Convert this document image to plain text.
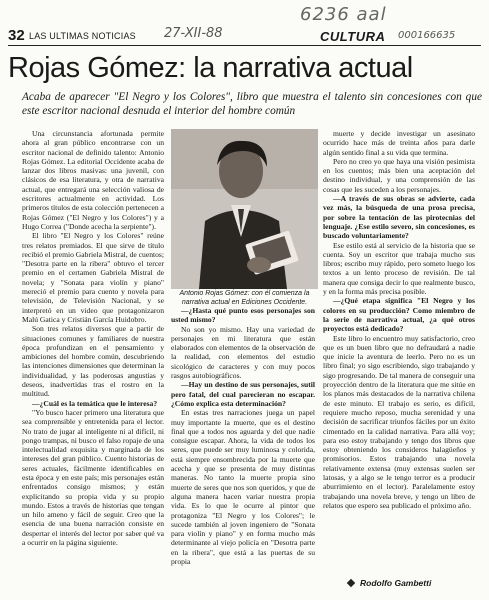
6236 aal
32 LAS ULTIMAS NOTICIAS 27-XII-88	CULTURA 000166635
Rojas Gómez: la narrativa actual
Acaba de aparecer "El Negro y los Colores", libro que muestra el talento sin concesiones con que este escritor nacional desnuda el interior del hombre común

Una circunstancia afortunada permite ahora al gran público encontrarse con un escritor nacional de definido talento: Antonio Rojas Gómez. La editorial Occidente acaba de lanzar dos libros masivas: una juvenil, con clásicos de esa literatura, y otra de narrativa actual, que entregará una selección valiosa de escritores actualmente en actividad. Los primeros títulos de esta colección pertenecen a Rojas Gómez ("El Negro y los Colores") y a Hugo Correa ("Donde acecha la serpiente").

El libro "El Negro y los Colores" reúne tres relatos premiados. El que sirve de título recibió el premio Gabriela Mistral, de cuentos; "Desotra parte en la ribera" obtuvo el tercer premio en el certamen Gabriela Mistral de novela; y "Sonata para violín y piano" mereció el premio para cuento y novela para televisión, de Televisión Nacional, y se interpretó en un video que protagonizaron Malú Gatica y Cristián García Huidobro.

Son tres relatos diversos que a partir de situaciones comunes y familiares de nuestra época profundizan en el pensamiento y ambiciones del hombre común, descubriendo las intenciones dimensiones que determinan la individualidad, y las poderosas angustias y deseos, inadvertidas tras el rostro en la multitud.

—¿Cuál es la temática que le interesa?

"Yo busco hacer primero una literatura que sea comprensible y entretenida para el lector. No trato de jugar al inteligente ni al difícil, ni pongo trampas, ni busco el falso ropaje de una intelectualidad exquisita y marginada de los intereses del gran público. Cuento historias de seres actuales, fácilmente identificables en esta época y en este país; mis personajes están enfrentados consigo mismos; y están explicitando su propia vida y su propio mundo. Estos a través de historias que tengan un hilo ameno y fácil de seguir. Creo que la esencia de una buena narración consiste en despertar el interés del lector por saber qué va a ocurrir en la página siguiente.

Antonio Rojas Gómez: con él comienza la narrativa actual en Ediciones Occidente.

—¿Hasta qué punto esos personajes son usted mismo?

No son yo mismo. Hay una variedad de personajes en mi literatura que están elaborados con elementos de la observación de la realidad, con elementos del estudio sicológico de caracteres y con muy pocos rasgos autobiográficos.

—Hay un destino de sus personajes, sutil pero fatal, del cual parecieran no escapar. ¿Cómo explica esta determinación?

En estas tres narraciones juega un papel muy importante la muerte, que es el destino final que a todos nos aguarda y del que nadie consigue escapar. Ahora, la vida de todos los seres, que puede ser muy luminosa y colorida, está siempre ensombrecida por la muerte que acecha y que se presenta de muy distintas maneras. No tanto la muerte propia sino muerte de seres que nos son queridos, y que de alguna manera hacen variar nuestra propia vida. Es lo que le ocurre al pintor que protagoniza "El Negro y los Colores"; le sucede también al joven ingeniero de "Sonata para violín y piano" y en forma mucho más determinante al viejo policía en "Desotra parte en la ribera", que está a las puertas de su propia

muerte y decide investigar un asesinato ocurrido hace más de treinta años para darle algún sentido final a su vida que termina.

Pero no creo yo que haya una visión pesimista en los cuentos; más bien una aceptación del destino individual, y una comprensión de las cosas que les suceden a los personajes.

—A través de sus obras se advierte, cada vez más, la búsqueda de una prosa precisa, por sobre la tentación de las pirotecnias del lenguaje. ¿Ese estilo severo, sin concesiones, es buscado voluntariamente?

Ese estilo está al servicio de la historia que se cuenta. Soy un escritor que trabaja mucho sus libros; escribo muy rápido, pero someto luego los textos a un lento proceso de revisión. De tal manera que consiga decir lo que realmente busco, y en la forma más precisa posible.

—¿Qué etapa significa "El Negro y los colores en su producción? Como miembro de la serie de narrativa actual, ¿a qué otros proyectos está dedicado?

Este libro lo encuentro muy satisfactorio, creo que es un buen libro que no defraudará a nadie que inicie la aventura de leerlo. Pero no es un libro final; yo sigo escribiendo, sigo trabajando y sigo progresando. De tal manera de conseguir una proyección dentro de la literatura que me sitúe en los planos más destacados de la narrativa chilena de este minuto. El trabajo es serio, es difícil, requiere mucho reposo, mucha serenidad y una decisión de sacrificar triunfos fáciles por un éxito cimentado en la calidad narrativa. Para allá voy; para eso estoy trabajando y tengo dos libros que estoy obteniendo los consideros halagüeños y promisorios. Estos trabajando una novela relativamente extensa (muy extensas suelen ser latosas, y a algo se le tengo terror es a producir aburrimiento en el lector). Paralelamente estoy trabajando una novela breve, y tengo un libro de relatos que espero sea publicado el próximo año.

Rodolfo Gambetti
